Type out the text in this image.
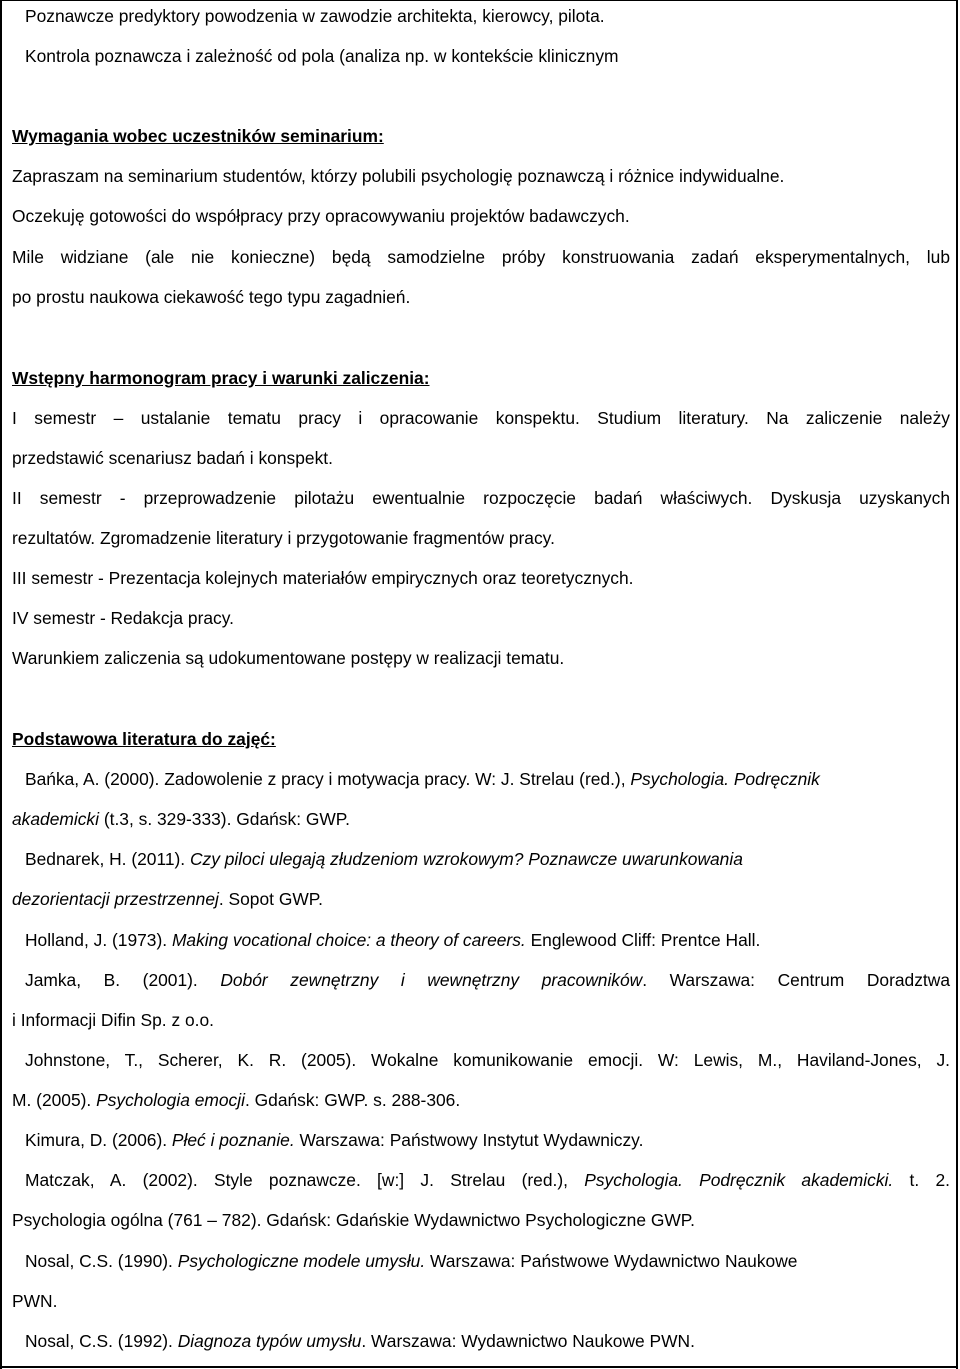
Poznawcze predyktory powodzenia w zawodzie architekta, kierowcy, pilota.
Kontrola poznawcza i zależność od pola (analiza np. w kontekście klinicznym
Wymagania wobec uczestników seminarium:
Zapraszam na seminarium studentów, którzy polubili psychologię poznawczą i różnice indywidualne.
Oczekuję gotowości do współpracy przy opracowywaniu projektów badawczych.
Mile widziane (ale nie konieczne) będą samodzielne próby konstruowania zadań eksperymentalnych, lub
po prostu naukowa ciekawość tego typu zagadnień.
Wstępny harmonogram pracy i warunki zaliczenia:
I semestr – ustalanie tematu pracy i opracowanie konspektu. Studium literatury. Na zaliczenie należy
przedstawić scenariusz badań i konspekt.
II semestr - przeprowadzenie pilotażu ewentualnie rozpoczęcie badań właściwych. Dyskusja uzyskanych
rezultatów. Zgromadzenie literatury i przygotowanie fragmentów pracy.
III semestr - Prezentacja kolejnych materiałów empirycznych oraz teoretycznych.
IV semestr - Redakcja pracy.
Warunkiem zaliczenia są udokumentowane postępy w realizacji tematu.
Podstawowa literatura do zajęć:
Bańka, A. (2000). Zadowolenie z pracy i motywacja pracy. W: J. Strelau (red.), Psychologia. Podręcznik
akademicki (t.3, s. 329-333). Gdańsk: GWP.
Bednarek, H. (2011). Czy piloci ulegają złudzeniom wzrokowym? Poznawcze uwarunkowania
dezorientacji przestrzennej. Sopot GWP.
Holland, J. (1973). Making vocational choice: a theory of careers. Englewood Cliff: Prentce Hall.
Jamka, B. (2001). Dobór zewnętrzny i wewnętrzny pracowników. Warszawa: Centrum Doradztwa
i Informacji Difin Sp. z o.o.
Johnstone, T., Scherer, K. R. (2005). Wokalne komunikowanie emocji. W: Lewis, M., Haviland-Jones, J.
M. (2005). Psychologia emocji. Gdańsk: GWP. s. 288-306.
Kimura, D. (2006). Płeć i poznanie. Warszawa: Państwowy Instytut Wydawniczy.
Matczak, A. (2002). Style poznawcze. [w:] J. Strelau (red.), Psychologia. Podręcznik akademicki. t. 2.
Psychologia ogólna (761 – 782). Gdańsk: Gdańskie Wydawnictwo Psychologiczne GWP.
Nosal, C.S. (1990). Psychologiczne modele umysłu. Warszawa: Państwowe Wydawnictwo Naukowe
PWN.
Nosal, C.S. (1992). Diagnoza typów umysłu. Warszawa: Wydawnictwo Naukowe PWN.
